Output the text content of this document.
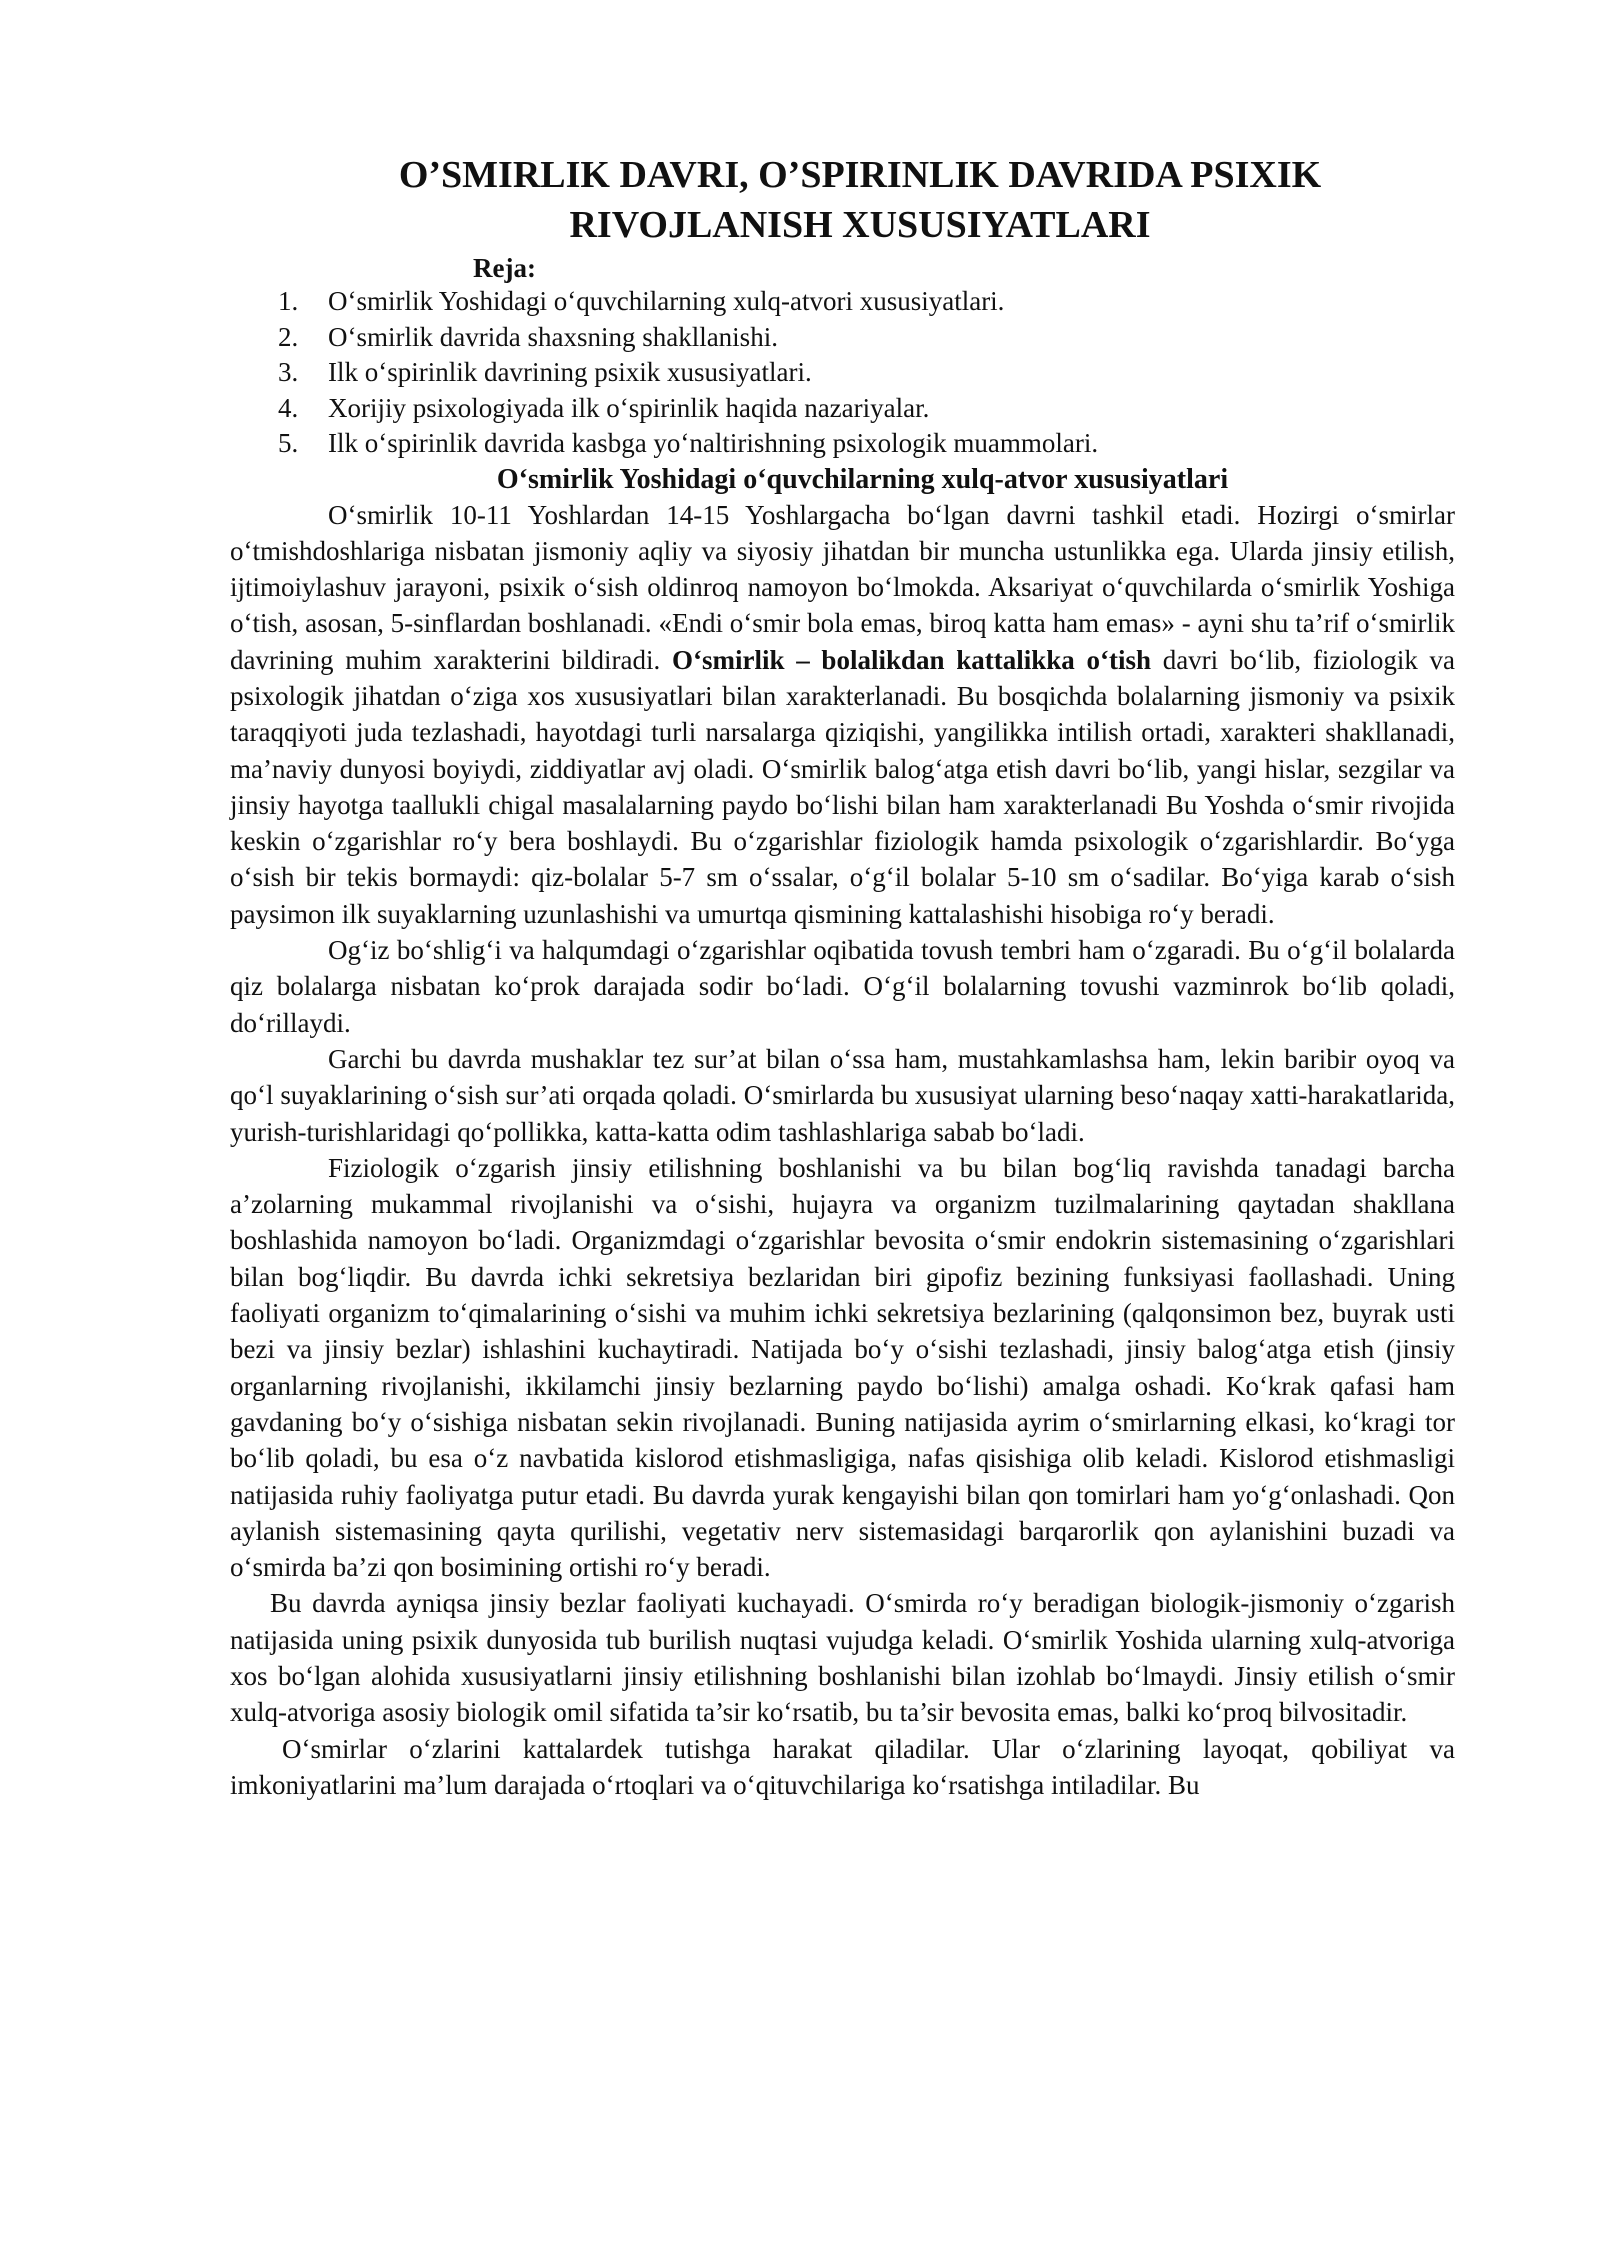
O’SMIRLIK DAVRI, O’SPIRINLIK DAVRIDA PSIXIK
RIVOJLANISH XUSUSIYATLARI
Reja:
1. O‘smirlik Yoshidagi o‘quvchilarning xulq-atvori xususiyatlari.
2. O‘smirlik davrida shaxsning shakllanishi.
3. Ilk o‘spirinlik davrining psixik xususiyatlari.
4. Xorijiy psixologiyada ilk o‘spirinlik haqida nazariyalar.
5. Ilk o‘spirinlik davrida kasbga yo‘naltirishning psixologik muammolari.
O‘smirlik Yoshidagi o‘quvchilarning xulq-atvor xususiyatlari

O‘smirlik 10-11 Yoshlardan 14-15 Yoshlargacha bo‘lgan davrni tashkil etadi. Hozirgi o‘smirlar o‘tmishdoshlariga nisbatan jismoniy aqliy va siyosiy jihatdan bir muncha ustunlikka ega. Ularda jinsiy etilish, ijtimoiylashuv jarayoni, psixik o‘sish oldinroq namoyon bo‘lmokda. Aksariyat o‘quvchilarda o‘smirlik Yoshiga o‘tish, asosan, 5-sinflardan boshlanadi. «Endi o‘smir bola emas, biroq katta ham emas» - ayni shu ta’rif o‘smirlik davrining muhim xarakterini bildiradi. O‘smirlik – bolalikdan kattalikka o‘tish davri bo‘lib, fiziologik va psixologik jihatdan o‘ziga xos xususiyatlari bilan xarakterlanadi. Bu bosqichda bolalarning jismoniy va psixik taraqqiyoti juda tezlashadi, hayotdagi turli narsalarga qiziqishi, yangilikka intilish ortadi, xarakteri shakllanadi, ma’naviy dunyosi boyiydi, ziddiyatlar avj oladi. O‘smirlik balog‘atga etish davri bo‘lib, yangi hislar, sezgilar va jinsiy hayotga taallukli chigal masalalarning paydo bo‘lishi bilan ham xarakterlanadi Bu Yoshda o‘smir rivojida keskin o‘zgarishlar ro‘y bera boshlaydi. Bu o‘zgarishlar fiziologik hamda psixologik o‘zgarishlardir. Bo‘yga o‘sish bir tekis bormaydi: qiz-bolalar 5-7 sm o‘ssalar, o‘g‘il bolalar 5-10 sm o‘sadilar. Bo‘yiga karab o‘sish paysimon ilk suyaklarning uzunlashishi va umurtqa qismining kattalashishi hisobiga ro‘y beradi.

Og‘iz bo‘shlig‘i va halqumdagi o‘zgarishlar oqibatida tovush tembri ham o‘zgaradi. Bu o‘g‘il bolalarda qiz bolalarga nisbatan ko‘prok darajada sodir bo‘ladi. O‘g‘il bolalarning tovushi vazminrok bo‘lib qoladi, do‘rillaydi.

Garchi bu davrda mushaklar tez sur’at bilan o‘ssa ham, mustahkamlashsa ham, lekin baribir oyoq va qo‘l suyaklarining o‘sish sur’ati orqada qoladi. O‘smirlarda bu xususiyat ularning beso‘naqay xatti-harakatlarida, yurish-turishlaridagi qo‘pollikka, katta-katta odim tashlashlariga sabab bo‘ladi.

Fiziologik o‘zgarish jinsiy etilishning boshlanishi va bu bilan bog‘liq ravishda tanadagi barcha a’zolarning mukammal rivojlanishi va o‘sishi, hujayra va organizm tuzilmalarining qaytadan shakllana boshlashida namoyon bo‘ladi. Organizmdagi o‘zgarishlar bevosita o‘smir endokrin sistemasining o‘zgarishlari bilan bog‘liqdir. Bu davrda ichki sekretsiya bezlaridan biri gipofiz bezining funksiyasi faollashadi. Uning faoliyati organizm to‘qimalarining o‘sishi va muhim ichki sekretsiya bezlarining (qalqonsimon bez, buyrak usti bezi va jinsiy bezlar) ishlashini kuchaytiradi. Natijada bo‘y o‘sishi tezlashadi, jinsiy balog‘atga etish (jinsiy organlarning rivojlanishi, ikkilamchi jinsiy bezlarning paydo bo‘lishi) amalga oshadi. Ko‘krak qafasi ham gavdaning bo‘y o‘sishiga nisbatan sekin rivojlanadi. Buning natijasida ayrim o‘smirlarning elkasi, ko‘kragi tor bo‘lib qoladi, bu esa o‘z navbatida kislorod etishmasligiga, nafas qisishiga olib keladi. Kislorod etishmasligi natijasida ruhiy faoliyatga putur etadi. Bu davrda yurak kengayishi bilan qon tomirlari ham yo‘g‘onlashadi. Qon aylanish sistemasining qayta qurilishi, vegetativ nerv sistemasidagi barqarorlik qon aylanishini buzadi va o‘smirda ba’zi qon bosimining ortishi ro‘y beradi.

Bu davrda ayniqsa jinsiy bezlar faoliyati kuchayadi. O‘smirda ro‘y beradigan biologik-jismoniy o‘zgarish natijasida uning psixik dunyosida tub burilish nuqtasi vujudga keladi. O‘smirlik Yoshida ularning xulq-atvoriga xos bo‘lgan alohida xususiyatlarni jinsiy etilishning boshlanishi bilan izohlab bo‘lmaydi. Jinsiy etilish o‘smir xulq-atvoriga asosiy biologik omil sifatida ta’sir ko‘rsatib, bu ta’sir bevosita emas, balki ko‘proq bilvositadir.

O‘smirlar o‘zlarini kattalardek tutishga harakat qiladilar. Ular o‘zlarining layoqat, qobiliyat va imkoniyatlarini ma’lum darajada o‘rtoqlari va o‘qituvchilariga ko‘rsatishga intiladilar. Bu
